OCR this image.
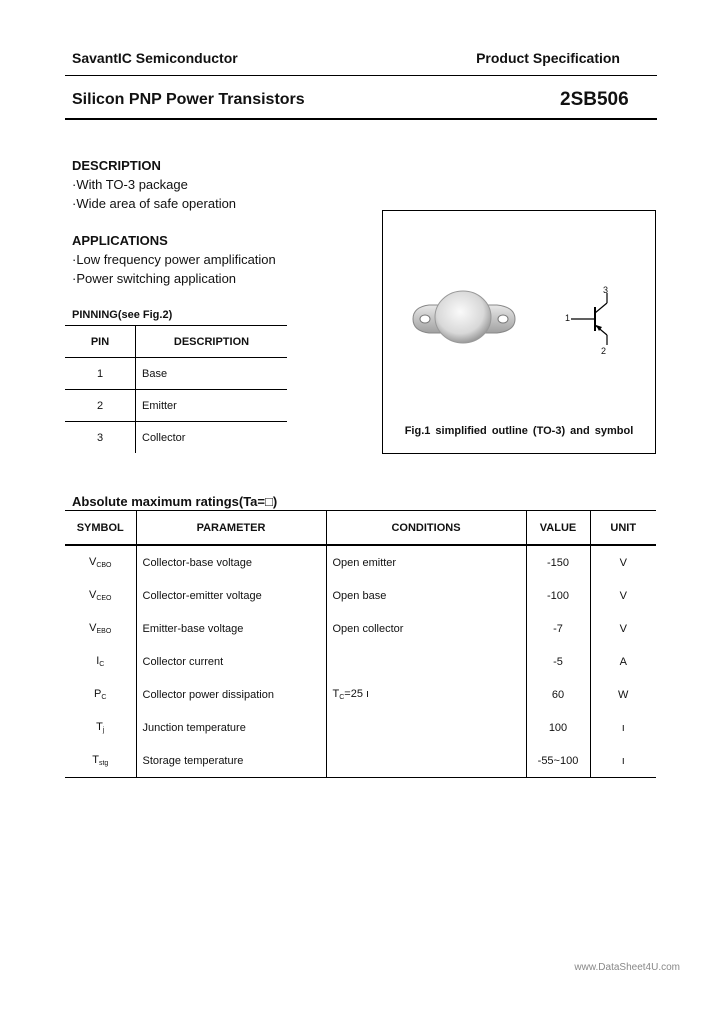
SavantIC Semiconductor	Product Specification
Silicon PNP Power Transistors	2SB506
DESCRIPTION
·With TO-3 package
·Wide area of safe operation
APPLICATIONS
·Low frequency power amplification
·Power switching application
PINNING(see Fig.2)
PIN	DESCRIPTION
1	Base
2	Emitter
3	Collector
3
1
2
Fig.1 simplified outline (TO-3) and symbol
Absolute maximum ratings(Ta=□)
SYMBOL	PARAMETER	CONDITIONS	VALUE	UNIT
$V_{CBO}$	Collector-base voltage	Open emitter	-150	V
$V_{CEO}$	Collector-emitter voltage	Open base	-100	V
$V_{EBO}$	Emitter-base voltage	Open collector	-7	V
$I_C$	Collector current		-5	A
$P_C$	Collector power dissipation	$T_C=25$ ı	60	W
$T_j$	Junction temperature		100	ı
$T_{stg}$	Storage temperature		-55~100	ı
www.DataSheet4U.com
